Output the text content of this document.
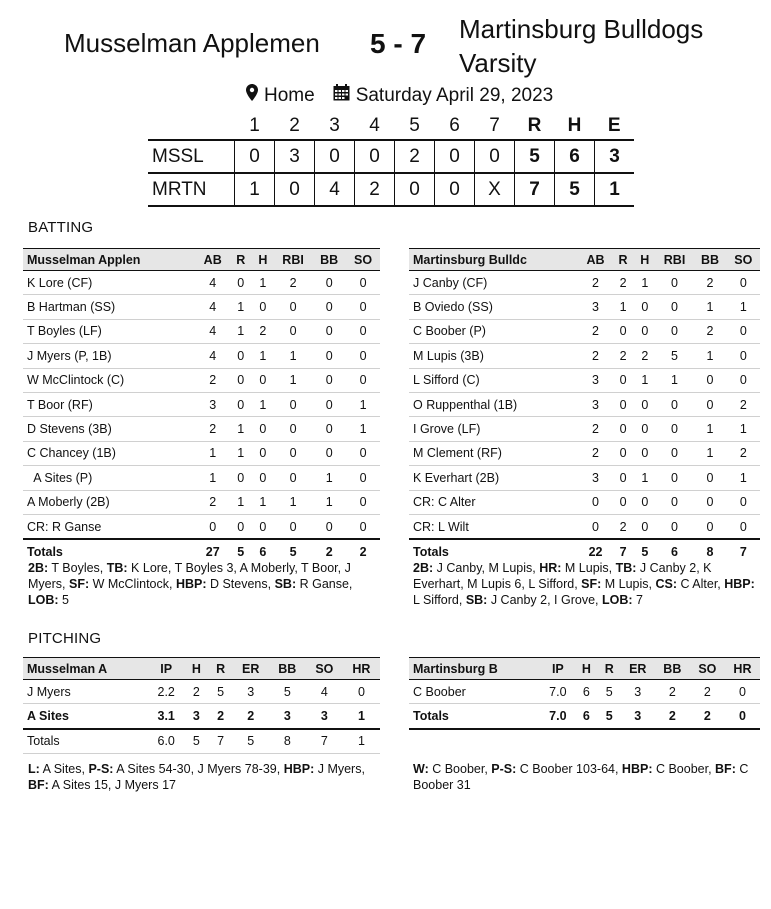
Musselman Applemen 5 - 7 Martinsburg Bulldogs
Varsity
Home Saturday April 29, 2023
	1	2	3	4	5	6	7	R	H	E
MSSL	0	3	0	0	2	0	0	5	6	3
MRTN	1	0	4	2	0	0	X	7	5	1
BATTING
Musselman Applen	AB	R	H	RBI	BB	SO
K Lore (CF)	4	0	1	2	0	0
B Hartman (SS)	4	1	0	0	0	0
T Boyles (LF)	4	1	2	0	0	0
J Myers (P, 1B)	4	0	1	1	0	0
W McClintock (C)	2	0	0	1	0	0
T Boor (RF)	3	0	1	0	0	1
D Stevens (3B)	2	1	0	0	0	1
C Chancey (1B)	1	1	0	0	0	0
A Sites (P)	1	0	0	0	1	0
A Moberly (2B)	2	1	1	1	1	0
CR: R Ganse	0	0	0	0	0	0
Totals	27	5	6	5	2	2
2B: T Boyles, TB: K Lore, T Boyles 3, A Moberly, T Boor, J Myers, SF: W McClintock, HBP: D Stevens, SB: R Ganse, LOB: 5
Martinsburg Bulldc	AB	R	H	RBI	BB	SO
J Canby (CF)	2	2	1	0	2	0
B Oviedo (SS)	3	1	0	0	1	1
C Boober (P)	2	0	0	0	2	0
M Lupis (3B)	2	2	2	5	1	0
L Sifford (C)	3	0	1	1	0	0
O Ruppenthal (1B)	3	0	0	0	0	2
I Grove (LF)	2	0	0	0	1	1
M Clement (RF)	2	0	0	0	1	2
K Everhart (2B)	3	0	1	0	0	1
CR: C Alter	0	0	0	0	0	0
CR: L Wilt	0	2	0	0	0	0
Totals	22	7	5	6	8	7
2B: J Canby, M Lupis, HR: M Lupis, TB: J Canby 2, K Everhart, M Lupis 6, L Sifford, SF: M Lupis, CS: C Alter, HBP: L Sifford, SB: J Canby 2, I Grove, LOB: 7
PITCHING
Musselman A	IP	H	R	ER	BB	SO	HR
J Myers	2.2	2	5	3	5	4	0
A Sites	3.1	3	2	2	3	3	1
Totals	6.0	5	7	5	8	7	1
L: A Sites, P-S: A Sites 54-30, J Myers 78-39, HBP: J Myers, BF: A Sites 15, J Myers 17
Martinsburg B	IP	H	R	ER	BB	SO	HR
C Boober	7.0	6	5	3	2	2	0
Totals	7.0	6	5	3	2	2	0
W: C Boober, P-S: C Boober 103-64, HBP: C Boober, BF: C Boober 31
